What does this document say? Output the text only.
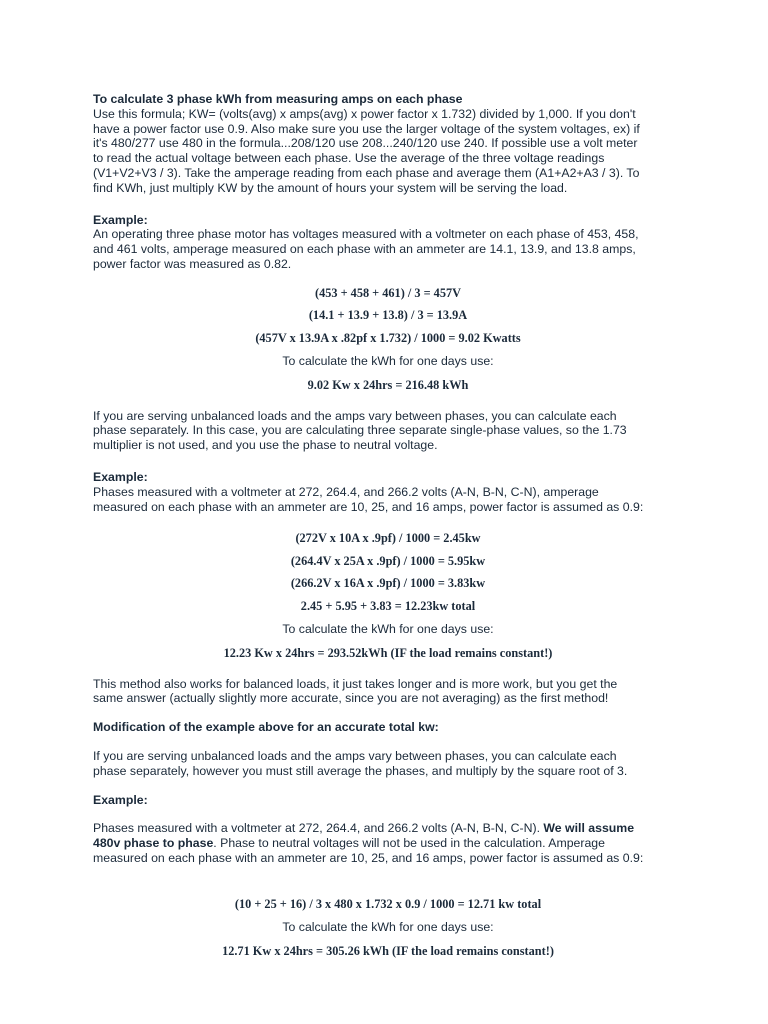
To calculate 3 phase kWh from measuring amps on each phase

Use this formula; KW= (volts(avg) x amps(avg) x power factor x 1.732) divided by 1,000. If you don't

have a power factor use 0.9. Also make sure you use the larger voltage of the system voltages, ex) if

it's 480/277 use 480 in the formula...208/120 use 208...240/120 use 240. If possible use a volt meter

to read the actual voltage between each phase. Use the average of the three voltage readings

(V1+V2+V3 / 3). Take the amperage reading from each phase and average them (A1+A2+A3 / 3). To

find KWh, just multiply KW by the amount of hours your system will be serving the load.

Example:

An operating three phase motor has voltages measured with a voltmeter on each phase of 453, 458,

and 461 volts, amperage measured on each phase with an ammeter are 14.1, 13.9, and 13.8 amps,

power factor was measured as 0.82.

(453 + 458 + 461) / 3 = 457V

(14.1 + 13.9 + 13.8) / 3 = 13.9A

(457V x 13.9A x .82pf x 1.732) / 1000 = 9.02 Kwatts

To calculate the kWh for one days use:

9.02 Kw x 24hrs = 216.48 kWh

If you are serving unbalanced loads and the amps vary between phases, you can calculate each

phase separately. In this case, you are calculating three separate single-phase values, so the 1.73

multiplier is not used, and you use the phase to neutral voltage.

Example:

Phases measured with a voltmeter at 272, 264.4, and 266.2 volts (A-N, B-N, C-N), amperage

measured on each phase with an ammeter are 10, 25, and 16 amps, power factor is assumed as 0.9:

(272V x 10A x .9pf) / 1000 = 2.45kw

(264.4V x 25A x .9pf) / 1000 = 5.95kw

(266.2V x 16A x .9pf) / 1000 = 3.83kw

2.45 + 5.95 + 3.83 = 12.23kw total

To calculate the kWh for one days use:

12.23 Kw x 24hrs = 293.52kWh (IF the load remains constant!)

This method also works for balanced loads, it just takes longer and is more work, but you get the

same answer (actually slightly more accurate, since you are not averaging) as the first method!

Modification of the example above for an accurate total kw:

If you are serving unbalanced loads and the amps vary between phases, you can calculate each

phase separately, however you must still average the phases, and multiply by the square root of 3.

Example:

Phases measured with a voltmeter at 272, 264.4, and 266.2 volts (A-N, B-N, C-N). We will assume

480v phase to phase. Phase to neutral voltages will not be used in the calculation. Amperage

measured on each phase with an ammeter are 10, 25, and 16 amps, power factor is assumed as 0.9:

(10 + 25 + 16) / 3 x 480 x 1.732 x 0.9 / 1000 = 12.71 kw total

To calculate the kWh for one days use:

12.71 Kw x 24hrs = 305.26 kWh (IF the load remains constant!)
